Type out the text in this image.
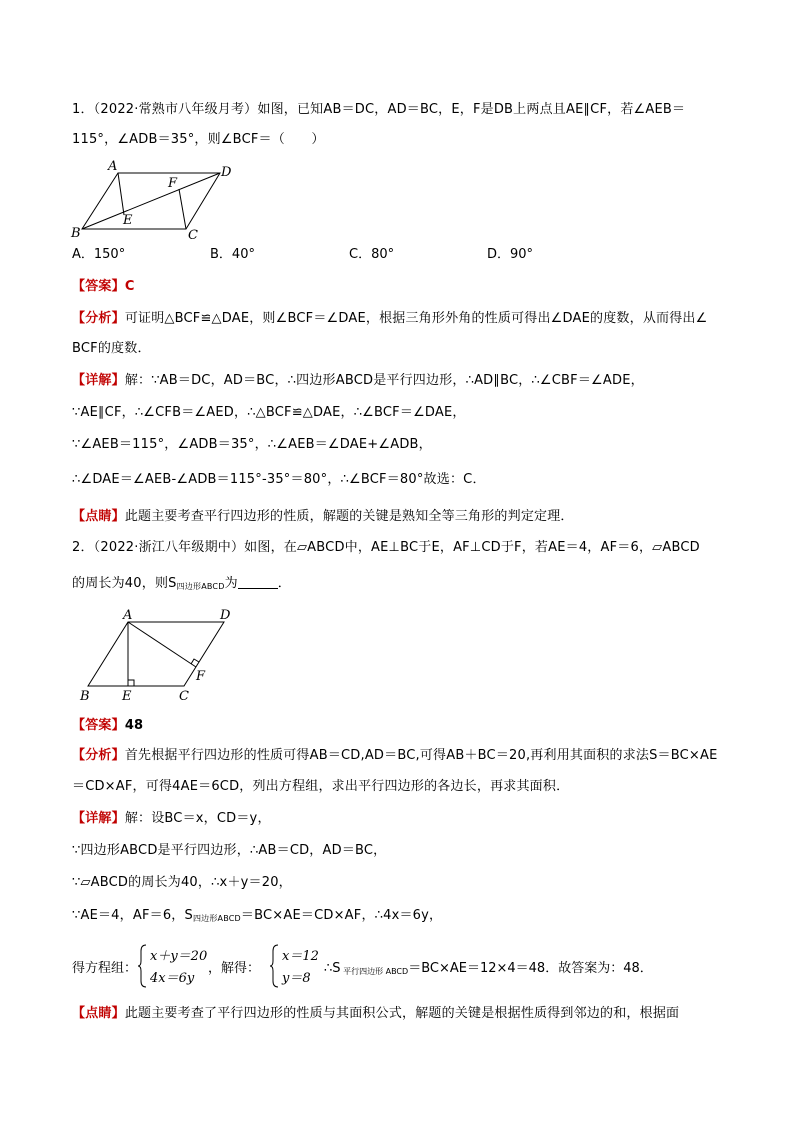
1．（2022·常熟市八年级月考）如图，已知AB＝DC，AD＝BC，E，F是DB上两点且AE∥CF，若∠AEB＝
115°，∠ADB＝35°，则∠BCF＝（　　）
A	D
B	C
F
E
A．150°	B．40°	C．80°	D．90°
【答案】C
【分析】可证明△BCF≌△DAE，则∠BCF＝∠DAE，根据三角形外角的性质可得出∠DAE的度数，从而得出∠
BCF的度数．
【详解】解：∵AB＝DC，AD＝BC，∴四边形ABCD是平行四边形，∴AD∥BC，∴∠CBF＝∠ADE，
∵AE∥CF，∴∠CFB＝∠AED，∴△BCF≌△DAE，∴∠BCF＝∠DAE，
∵∠AEB＝115°，∠ADB＝35°，∴∠AEB＝∠DAE+∠ADB，
∴∠DAE＝∠AEB-∠ADB＝115°-35°＝80°，∴∠BCF＝80°故选：C．
【点睛】此题主要考查平行四边形的性质，解题的关键是熟知全等三角形的判定定理．
2．（2022·浙江八年级期中）如图，在▱ABCD中，AE⊥BC于E，AF⊥CD于F，若AE＝4，AF＝6，▱ABCD
的周长为40，则$S_{四边形ABCD}$为	．
A	D
B E	C
F
【答案】48
【分析】首先根据平行四边形的性质可得AB＝CD,AD＝BC,可得AB＋BC＝20,再利用其面积的求法S＝BC×AE
＝CD×AF，可得4AE＝6CD，列出方程组，求出平行四边形的各边长，再求其面积．
【详解】解：设BC＝x，CD＝y，
∵四边形ABCD是平行四边形，∴AB＝CD，AD＝BC，
∵▱ABCD的周长为40，∴x＋y＝20，
∵AE＝4，AF＝6，$S_{四边形ABCD}=BC\times AE=CD\times AF$，∴4x＝6y，
得方程组：
x＋y＝20
4x＝6y
，解得：
x＝12
y＝8
∴S $_{平行四边形 ABCD}$＝BC×AE＝12×4＝48．故答案为：48．
【点睛】此题主要考查了平行四边形的性质与其面积公式，解题的关键是根据性质得到邻边的和，根据面
